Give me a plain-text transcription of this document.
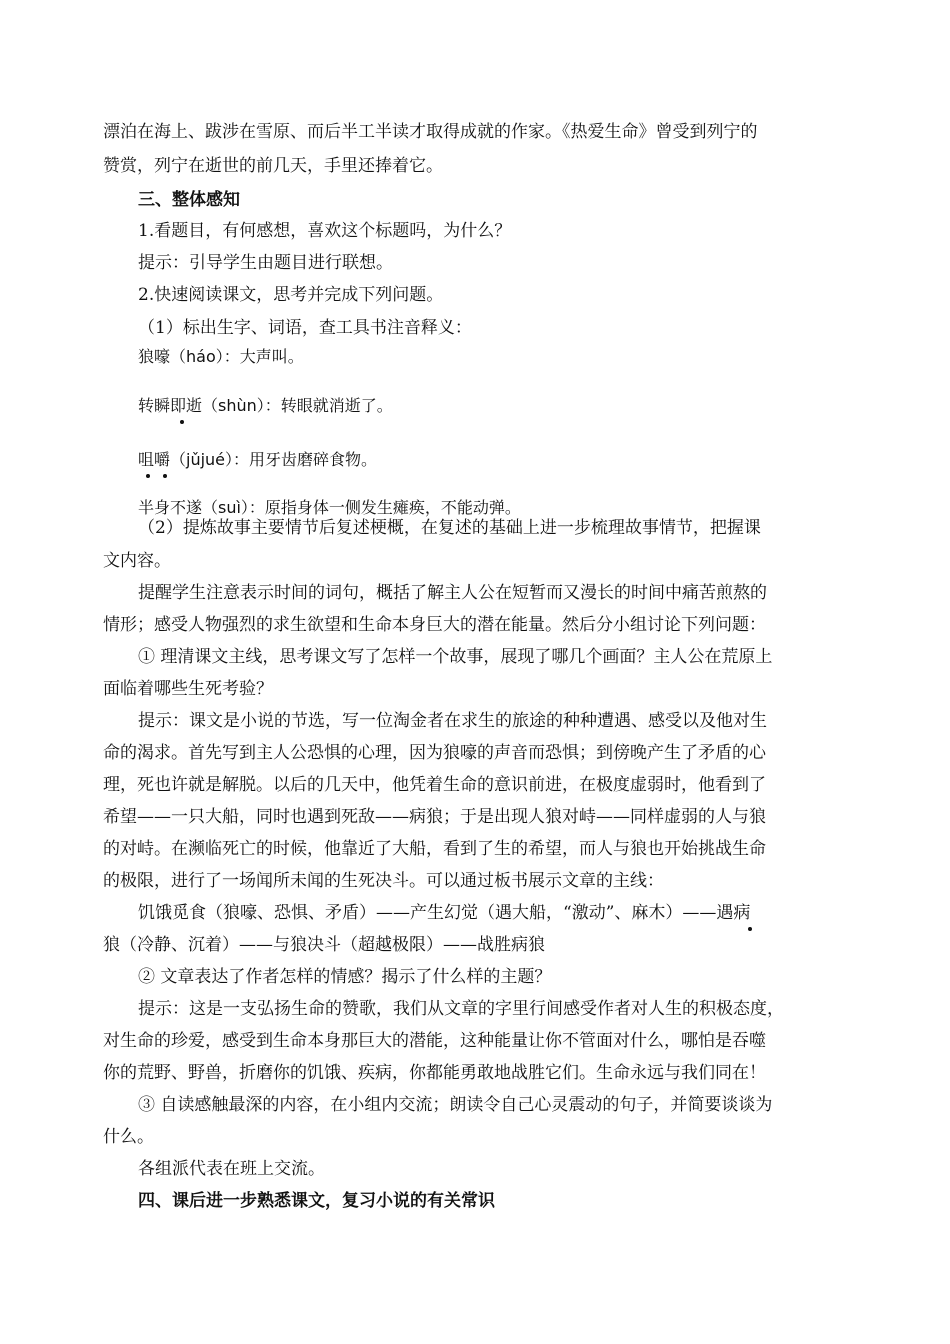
漂泊在海上、跋涉在雪原、而后半工半读才取得成就的作家。《热爱生命》曾受到列宁的
赞赏，列宁在逝世的前几天，手里还捧着它。
三、整体感知
1.看题目，有何感想，喜欢这个标题吗，为什么？
提示：引导学生由题目进行联想。
2.快速阅读课文，思考并完成下列问题。
（1）标出生字、词语，查工具书注音释义：
狼嚎（háo）：大声叫。
转瞬即逝（shùn）：转眼就消逝了。
咀嚼（jǔjué）：用牙齿磨碎食物。
半身不遂（suì）：原指身体一侧发生瘫痪，不能动弹。
（2）提炼故事主要情节后复述梗概，在复述的基础上进一步梳理故事情节，把握课
文内容。
提醒学生注意表示时间的词句，概括了解主人公在短暂而又漫长的时间中痛苦煎熬的
情形；感受人物强烈的求生欲望和生命本身巨大的潜在能量。然后分小组讨论下列问题：
① 理清课文主线，思考课文写了怎样一个故事，展现了哪几个画面？主人公在荒原上
面临着哪些生死考验？
提示：课文是小说的节选，写一位淘金者在求生的旅途的种种遭遇、感受以及他对生
命的渴求。首先写到主人公恐惧的心理，因为狼嚎的声音而恐惧；到傍晚产生了矛盾的心
理，死也许就是解脱。以后的几天中，他凭着生命的意识前进，在极度虚弱时，他看到了
希望——一只大船，同时也遇到死敌——病狼；于是出现人狼对峙——同样虚弱的人与狼
的对峙。在濒临死亡的时候，他靠近了大船，看到了生的希望，而人与狼也开始挑战生命
的极限，进行了一场闻所未闻的生死决斗。可以通过板书展示文章的主线：
饥饿觅食（狼嚎、恐惧、矛盾）——产生幻觉（遇大船，“激动”、麻木）——遇病
狼（冷静、沉着）——与狼决斗（超越极限）——战胜病狼
② 文章表达了作者怎样的情感？揭示了什么样的主题？
提示：这是一支弘扬生命的赞歌，我们从文章的字里行间感受作者对人生的积极态度，
对生命的珍爱，感受到生命本身那巨大的潜能，这种能量让你不管面对什么，哪怕是吞噬
你的荒野、野兽，折磨你的饥饿、疾病，你都能勇敢地战胜它们。生命永远与我们同在！
③ 自读感触最深的内容，在小组内交流；朗读令自己心灵震动的句子，并简要谈谈为
什么。
各组派代表在班上交流。
四、课后进一步熟悉课文，复习小说的有关常识
